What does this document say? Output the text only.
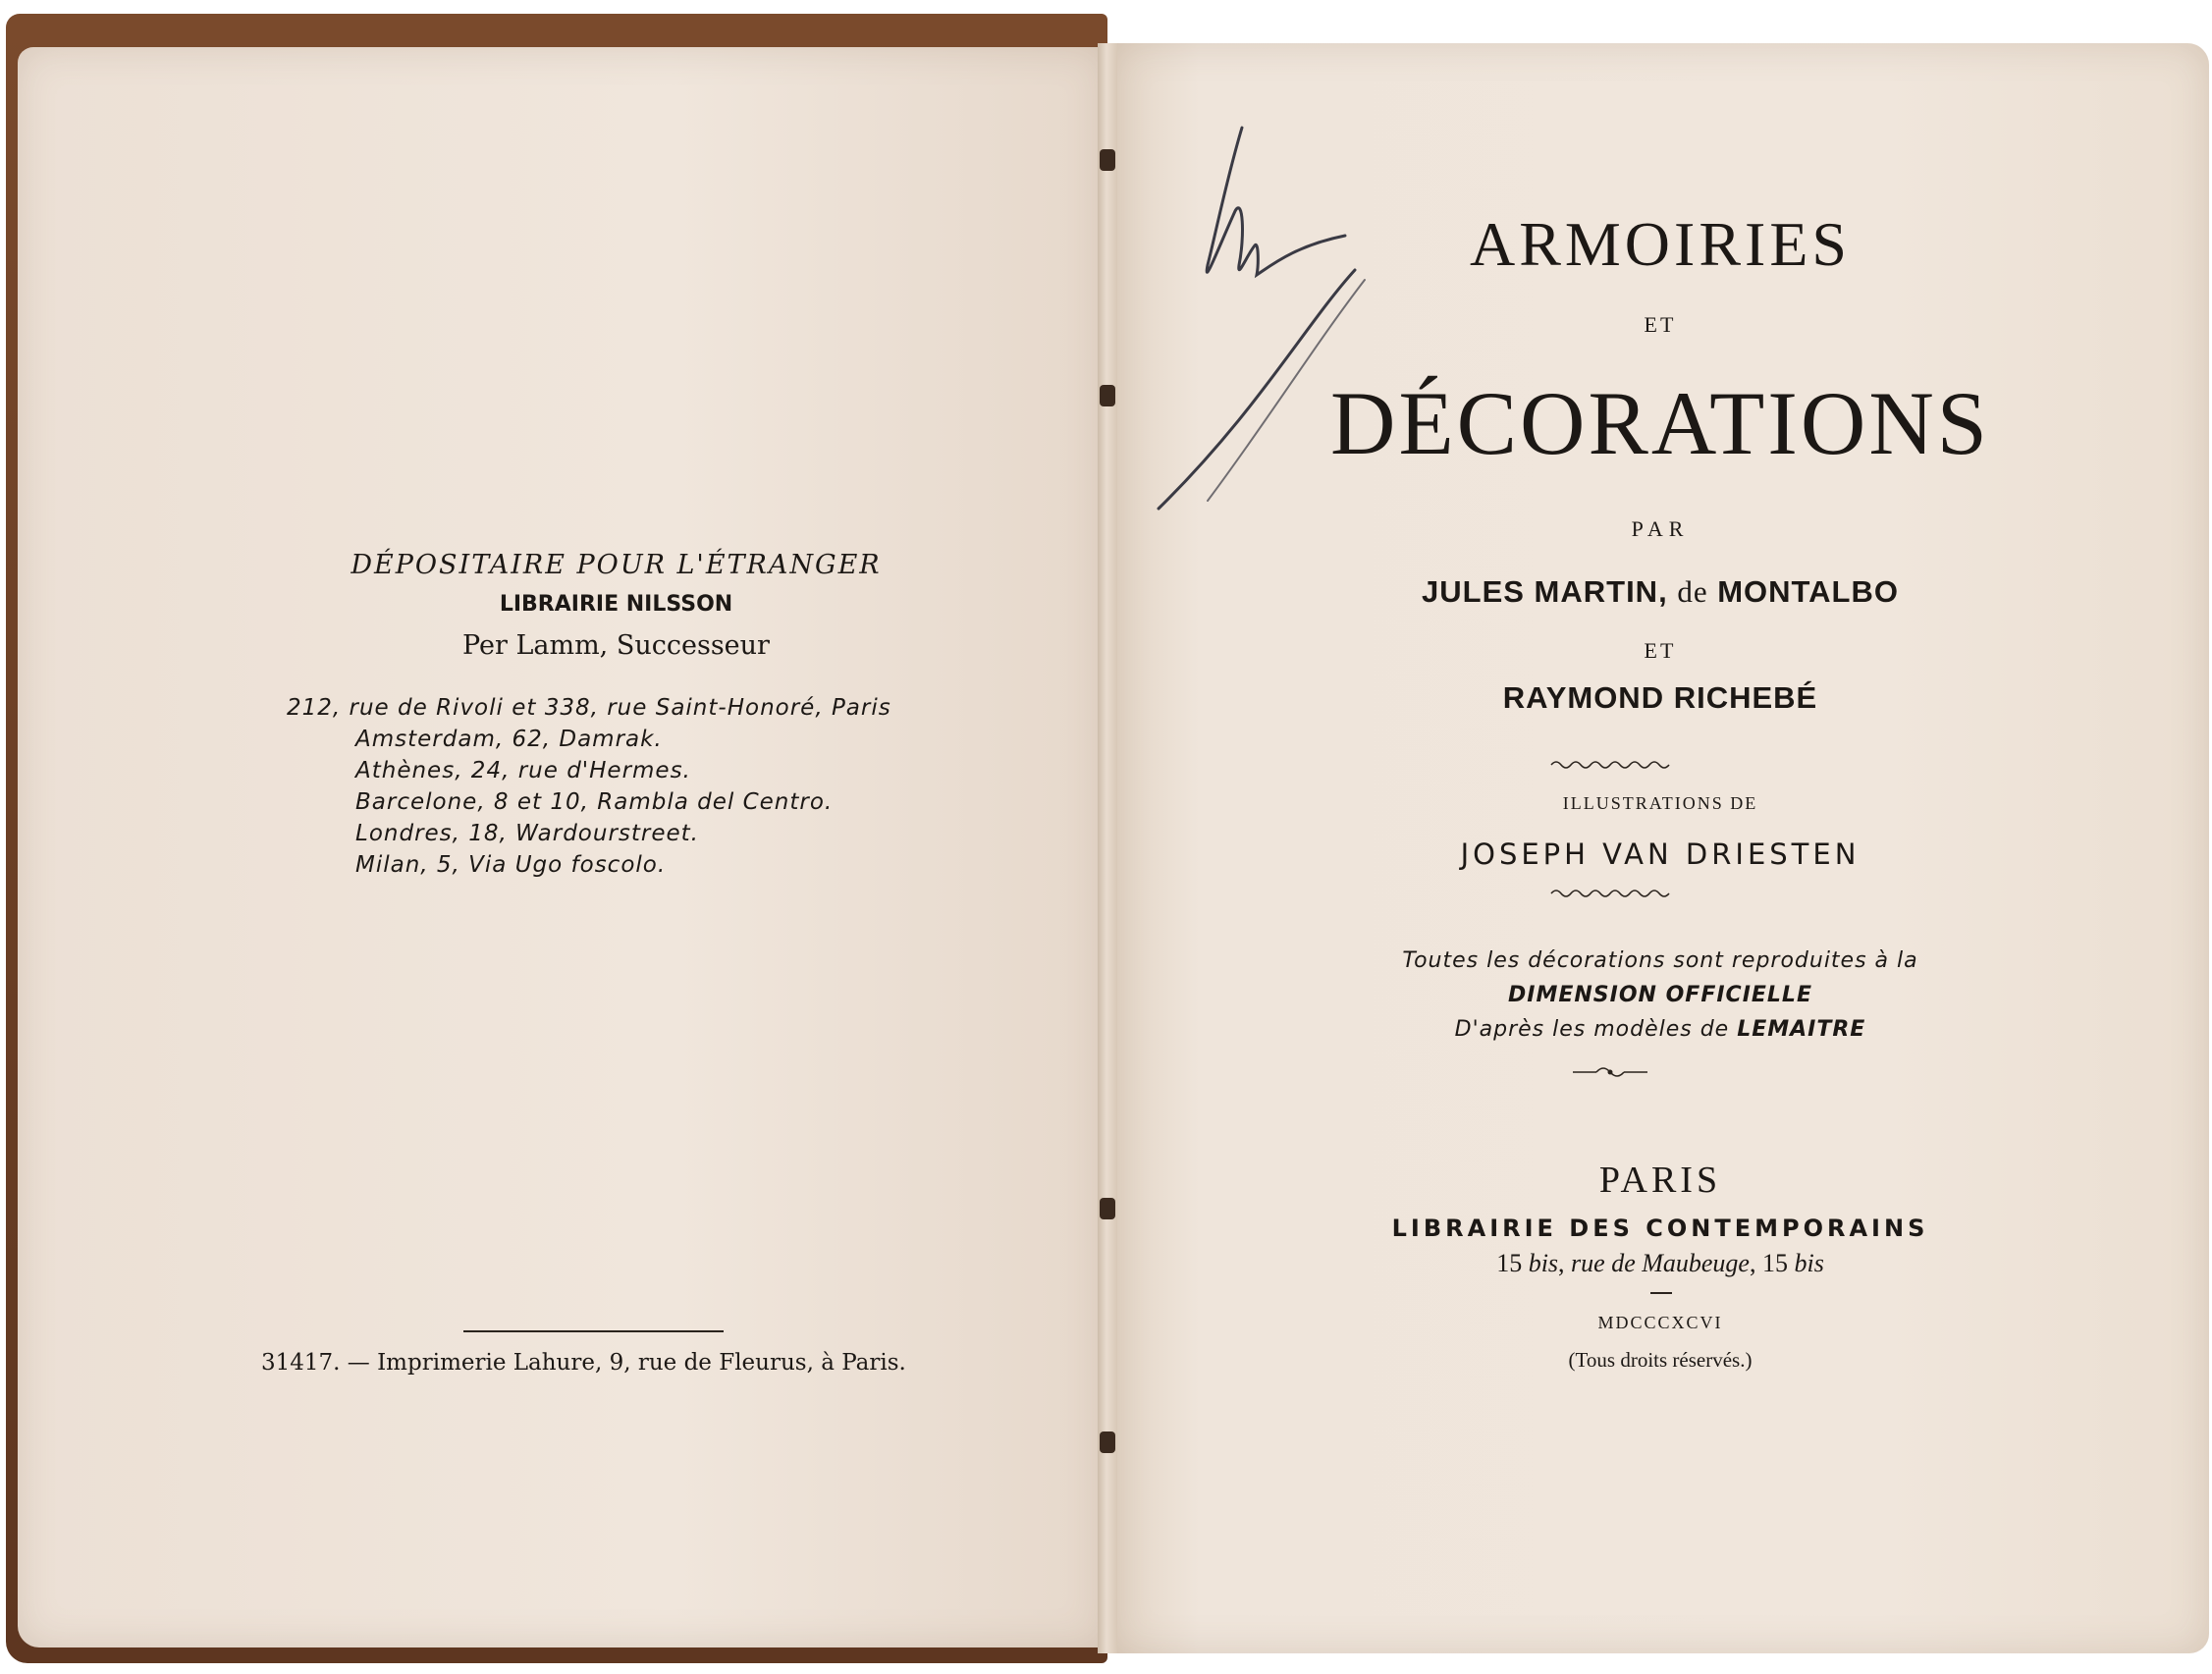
DÉPOSITAIRE POUR L'ÉTRANGER
LIBRAIRIE NILSSON
Per Lamm, Successeur
212, rue de Rivoli et 338, rue Saint-Honoré, Paris
Amsterdam, 62, Damrak.
Athènes, 24, rue d'Hermes.
Barcelone, 8 et 10, Rambla del Centro.
Londres, 18, Wardourstreet.
Milan, 5, Via Ugo foscolo.
31417. — Imprimerie Lahure, 9, rue de Fleurus, à Paris.
ARMOIRIES
ET
DÉCORATIONS
PAR
JULES MARTIN, de MONTALBO
ET
RAYMOND RICHEBÉ
ILLUSTRATIONS DE
JOSEPH VAN DRIESTEN
Toutes les décorations sont reproduites à la
DIMENSION OFFICIELLE
D'après les modèles de LEMAITRE
PARIS
LIBRAIRIE DES CONTEMPORAINS
15 bis, rue de Maubeuge, 15 bis
MDCCCXCVI
(Tous droits réservés.)
